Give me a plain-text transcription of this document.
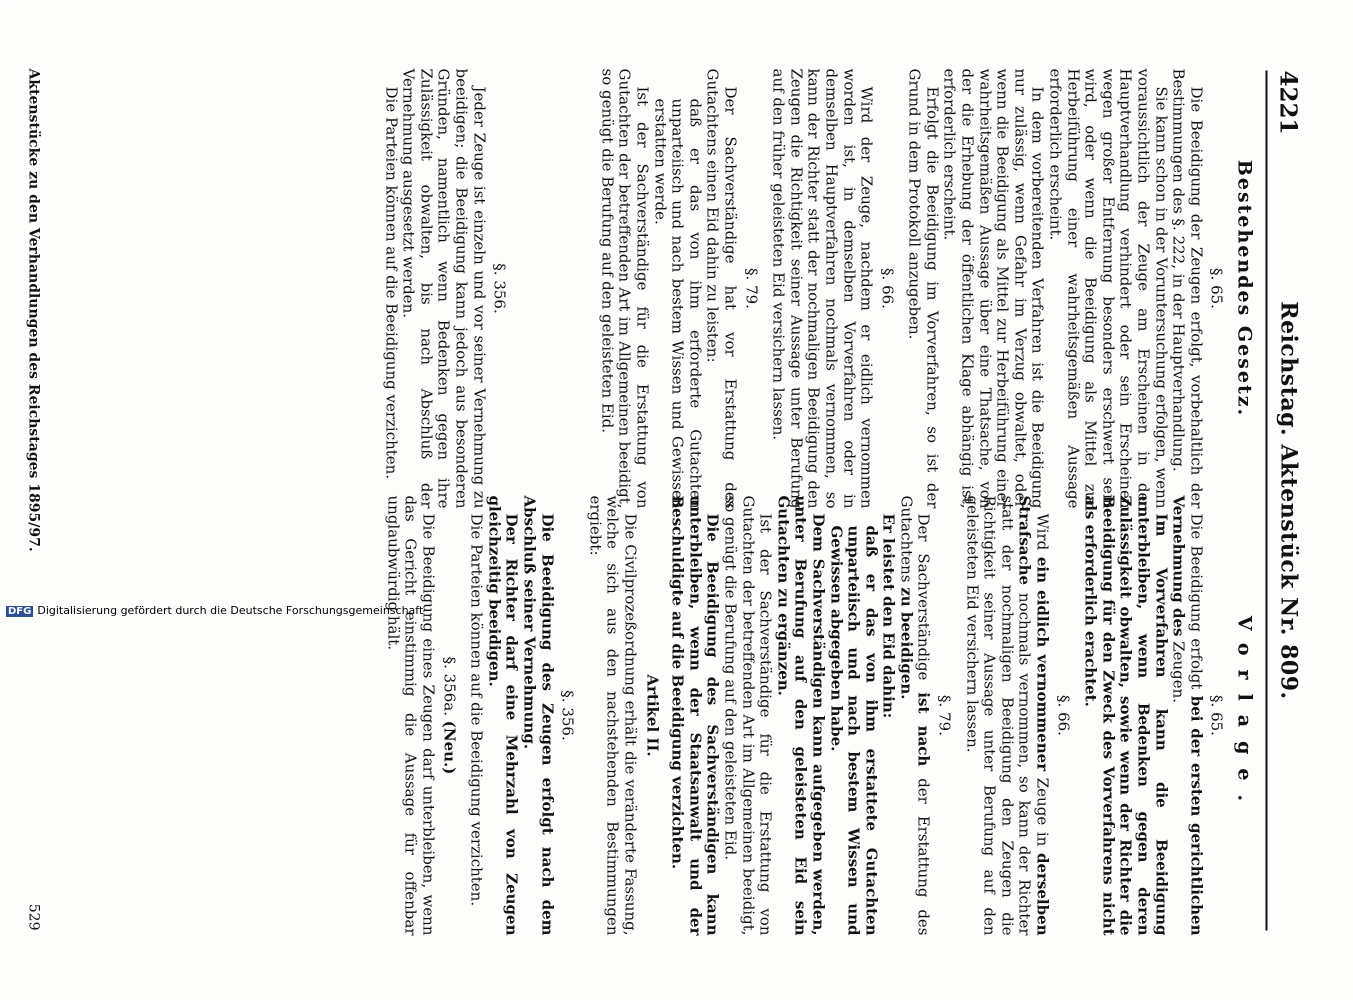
4221
Reichstag. Aktenstück Nr. 809.
Bestehendes Gesetz.
§. 65.

Die Beeidigung der Zeugen erfolgt, vorbehaltlich der Bestimmungen des §. 222, in der Hauptverhandlung.

Sie kann schon in der Voruntersuchung erfolgen, wenn voraussichtlich der Zeuge am Erscheinen in der Hauptverhandlung verhindert oder sein Erscheinen wegen großer Entfernung besonders erschwert sein wird, oder wenn die Beeidigung als Mittel zur Herbeiführung einer wahrheitsgemäßen Aussage erforderlich erscheint.

In dem vorbereitenden Verfahren ist die Beeidigung nur zulässig, wenn Gefahr im Verzug obwaltet, oder wenn die Beeidigung als Mittel zur Herbeiführung einer wahrheitsgemäßen Aussage über eine Thatsache, von der die Erhebung der öffentlichen Klage abhängig ist, erforderlich erscheint.

Erfolgt die Beeidigung im Vorverfahren, so ist der Grund in dem Protokoll anzugeben.

§. 66.

Wird der Zeuge, nachdem er eidlich vernommen worden ist, in demselben Vorverfahren oder in demselben Hauptverfahren nochmals vernommen, so kann der Richter statt der nochmaligen Beeidigung den Zeugen die Richtigkeit seiner Aussage unter Berufung auf den früher geleisteten Eid versichern lassen.

§. 79.

Der Sachverständige hat vor Erstattung des Gutachtens einen Eid dahin zu leisten:

daß er das von ihm erforderte Gutachten unparteiisch und nach bestem Wissen und Gewissen erstatten werde.

Ist der Sachverständige für die Erstattung von Gutachten der betreffenden Art im Allgemeinen beeidigt, so genügt die Berufung auf den geleisteten Eid.

§. 356.

Jeder Zeuge ist einzeln und vor seiner Vernehmung zu beeidigen; die Beeidigung kann jedoch aus besonderen Gründen, namentlich wenn Bedenken gegen ihre Zulässigkeit obwalten, bis nach Abschluß der Vernehmung ausgesetzt werden.

Die Parteien können auf die Beeidigung verzichten.

Vorlage.
§. 65.

Die Beeidigung erfolgt bei der ersten gerichtlichen Vernehmung des Zeugen.

Im Vorverfahren kann die Beeidigung unterbleiben, wenn Bedenken gegen deren Zulässigkeit obwalten, sowie wenn der Richter die Beeidigung für den Zweck des Vorverfahrens nicht als erforderlich erachtet.

§. 66.

Wird ein eidlich vernommener Zeuge in derselben Strafsache nochmals vernommen, so kann der Richter statt der nochmaligen Beeidigung den Zeugen die Richtigkeit seiner Aussage unter Berufung auf den geleisteten Eid versichern lassen.

§. 79.

Der Sachverständige ist nach der Erstattung des Gutachtens zu beeidigen.

Er leistet den Eid dahin:

daß er das von ihm erstattete Gutachten unparteiisch und nach bestem Wissen und Gewissen abgegeben habe.

Dem Sachverständigen kann aufgegeben werden, unter Berufung auf den geleisteten Eid sein Gutachten zu ergänzen.

Ist der Sachverständige für die Erstattung von Gutachten der betreffenden Art im Allgemeinen beeidigt, so genügt die Berufung auf den geleisteten Eid.

Die Beeidigung des Sachverständigen kann unterbleiben, wenn der Staatsanwalt und der Beschuldigte auf die Beeidigung verzichten.

Artikel II.

Die Civilprozeßordnung erhält die veränderte Fassung, welche sich aus den nachstehenden Bestimmungen ergiebt:

§. 356.

Die Beeidigung des Zeugen erfolgt nach dem Abschluß seiner Vernehmung.

Der Richter darf eine Mehrzahl von Zeugen gleichzeitig beeidigen.

Die Parteien können auf die Beeidigung verzichten.

§. 356a. (Neu.)

Die Beeidigung eines Zeugen darf unterbleiben, wenn das Gericht einstimmig die Aussage für offenbar unglaubwürdig hält.

Aktenstücke zu den Verhandlungen des Reichstages 1895/97.
529
DFG Digitalisierung gefördert durch die Deutsche Forschungsgemeinschaft
